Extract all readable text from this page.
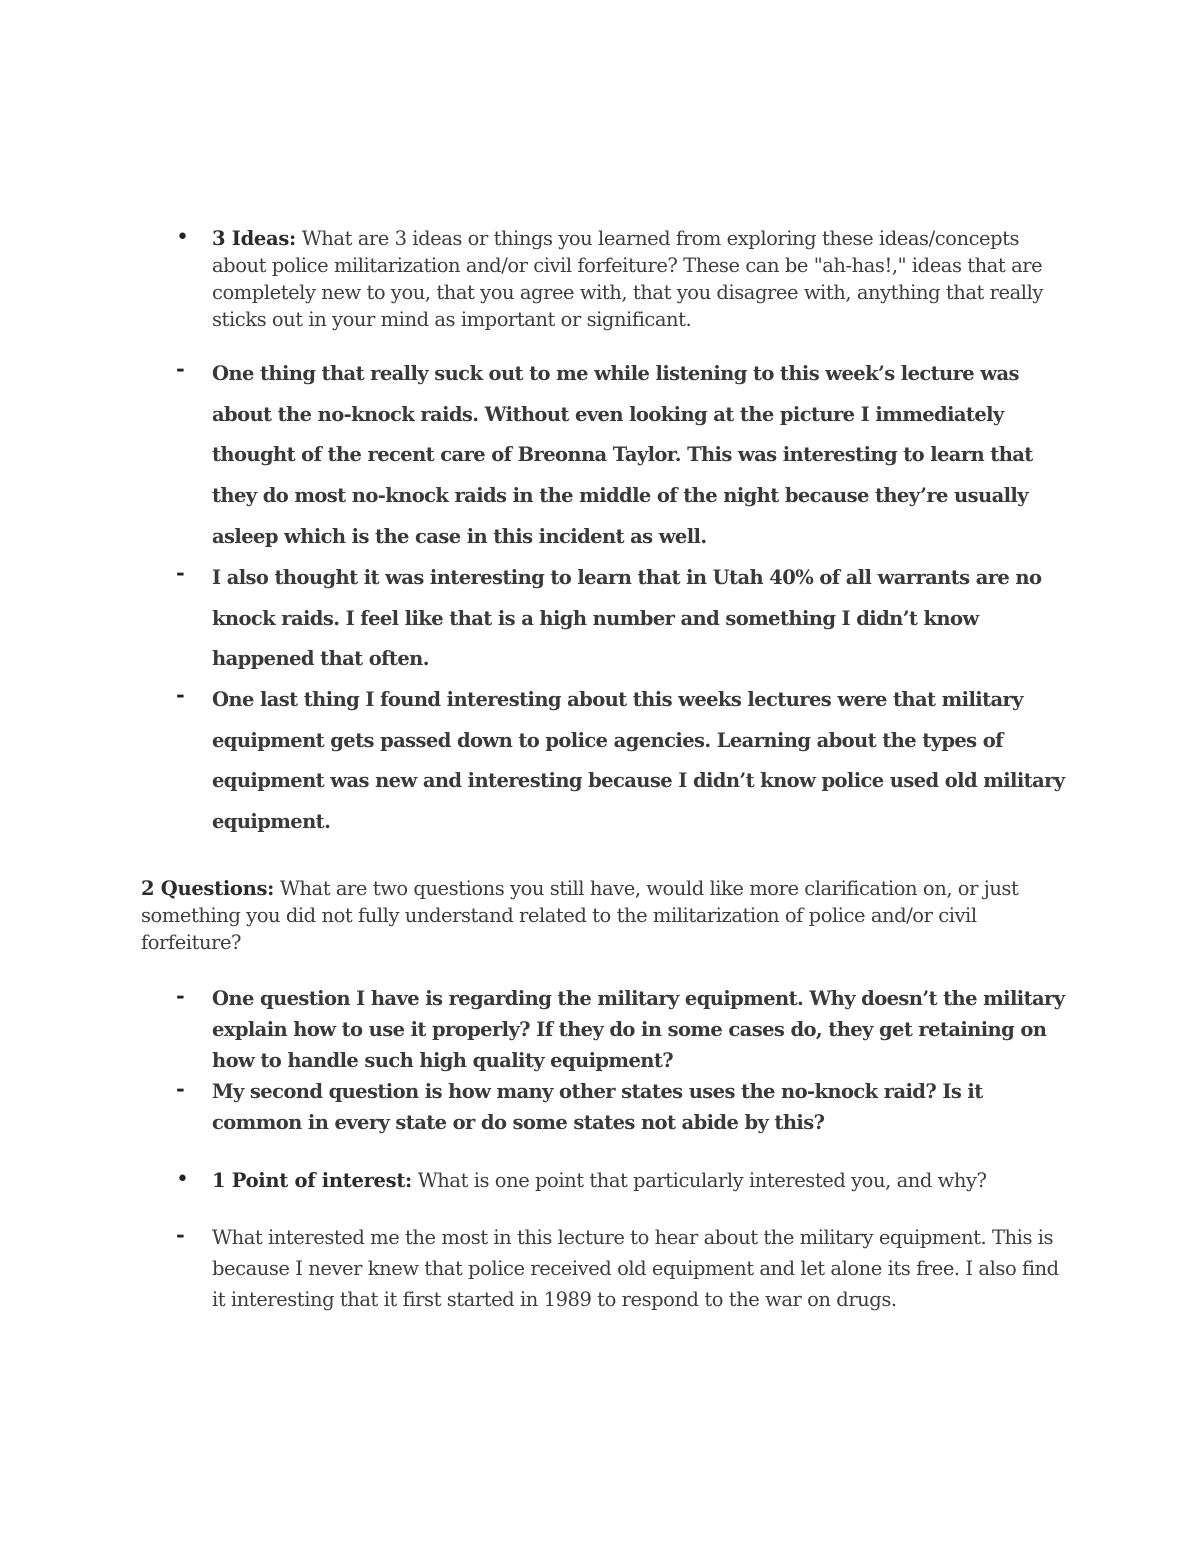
• 3 Ideas: What are 3 ideas or things you learned from exploring these ideas/concepts about police militarization and/or civil forfeiture? These can be "ah-has!," ideas that are completely new to you, that you agree with, that you disagree with, anything that really sticks out in your mind as important or significant.
- One thing that really suck out to me while listening to this week’s lecture was about the no-knock raids. Without even looking at the picture I immediately thought of the recent care of Breonna Taylor. This was interesting to learn that they do most no-knock raids in the middle of the night because they’re usually asleep which is the case in this incident as well.
- I also thought it was interesting to learn that in Utah 40% of all warrants are no knock raids. I feel like that is a high number and something I didn’t know happened that often.
- One last thing I found interesting about this weeks lectures were that military equipment gets passed down to police agencies. Learning about the types of equipment was new and interesting because I didn’t know police used old military equipment.
2 Questions: What are two questions you still have, would like more clarification on, or just something you did not fully understand related to the militarization of police and/or civil forfeiture?
- One question I have is regarding the military equipment. Why doesn’t the military explain how to use it properly? If they do in some cases do, they get retaining on how to handle such high quality equipment?
- My second question is how many other states uses the no-knock raid? Is it common in every state or do some states not abide by this?
• 1 Point of interest: What is one point that particularly interested you, and why?
- What interested me the most in this lecture to hear about the military equipment. This is because I never knew that police received old equipment and let alone its free. I also find it interesting that it first started in 1989 to respond to the war on drugs.
